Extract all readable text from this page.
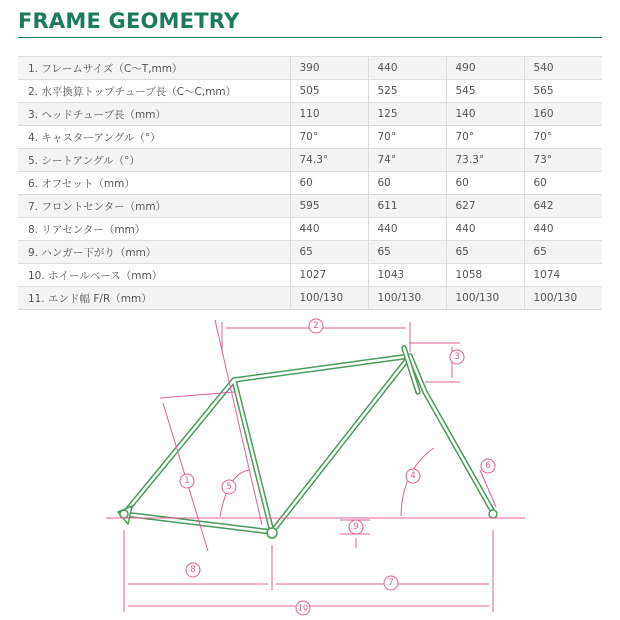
FRAME GEOMETRY
1. フレームサイズ（C〜T,mm）	390	440	490	540
2. 水平換算トップチューブ長（C〜C,mm）	505	525	545	565
3. ヘッドチューブ長（mm）	110	125	140	160
4. キャスターアングル（°）	70°	70°	70°	70°
5. シートアングル（°）	74.3°	74°	73.3°	73°
6. オフセット（mm）	60	60	60	60
7. フロントセンター（mm）	595	611	627	642
8. リアセンター（mm）	440	440	440	440
9. ハンガー下がり（mm）	65	65	65	65
10. ホイールベース（mm）	1027	1043	1058	1074
11. エンド幅 F/R（mm）	100/130	100/130	100/130	100/130
1
2
3
4
5
6
7
8
9
10
